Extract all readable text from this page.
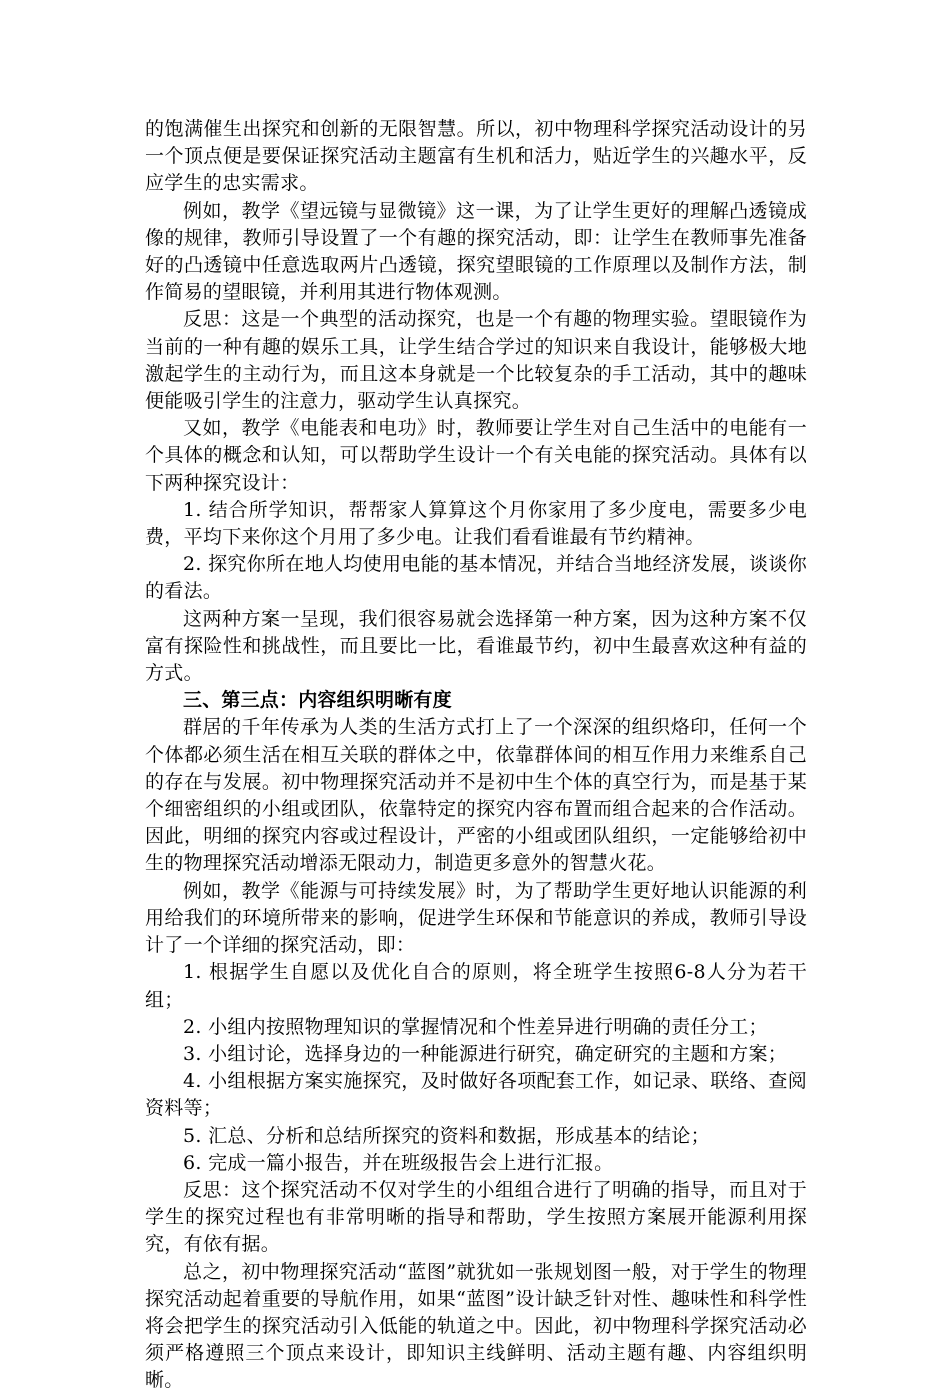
的饱满催生出探究和创新的无限智慧。所以，初中物理科学探究活动设计的另一个顶点便是要保证探究活动主题富有生机和活力，贴近学生的兴趣水平，反应学生的忠实需求。

例如，教学《望远镜与显微镜》这一课，为了让学生更好的理解凸透镜成像的规律，教师引导设置了一个有趣的探究活动，即：让学生在教师事先准备好的凸透镜中任意选取两片凸透镜，探究望眼镜的工作原理以及制作方法，制作简易的望眼镜，并利用其进行物体观测。

反思：这是一个典型的活动探究，也是一个有趣的物理实验。望眼镜作为当前的一种有趣的娱乐工具，让学生结合学过的知识来自我设计，能够极大地激起学生的主动行为，而且这本身就是一个比较复杂的手工活动，其中的趣味便能吸引学生的注意力，驱动学生认真探究。

又如，教学《电能表和电功》时，教师要让学生对自己生活中的电能有一个具体的概念和认知，可以帮助学生设计一个有关电能的探究活动。具体有以下两种探究设计：

1. 结合所学知识，帮帮家人算算这个月你家用了多少度电，需要多少电费，平均下来你这个月用了多少电。让我们看看谁最有节约精神。

2. 探究你所在地人均使用电能的基本情况，并结合当地经济发展，谈谈你的看法。

这两种方案一呈现，我们很容易就会选择第一种方案，因为这种方案不仅富有探险性和挑战性，而且要比一比，看谁最节约，初中生最喜欢这种有益的方式。

三、第三点：内容组织明晰有度

群居的千年传承为人类的生活方式打上了一个深深的组织烙印，任何一个个体都必须生活在相互关联的群体之中，依靠群体间的相互作用力来维系自己的存在与发展。初中物理探究活动并不是初中生个体的真空行为，而是基于某个细密组织的小组或团队，依靠特定的探究内容布置而组合起来的合作活动。因此，明细的探究内容或过程设计，严密的小组或团队组织，一定能够给初中生的物理探究活动增添无限动力，制造更多意外的智慧火花。

例如，教学《能源与可持续发展》时，为了帮助学生更好地认识能源的利用给我们的环境所带来的影响，促进学生环保和节能意识的养成，教师引导设计了一个详细的探究活动，即：

1. 根据学生自愿以及优化自合的原则，将全班学生按照6-8人分为若干组；

2. 小组内按照物理知识的掌握情况和个性差异进行明确的责任分工；

3. 小组讨论，选择身边的一种能源进行研究，确定研究的主题和方案；

4. 小组根据方案实施探究，及时做好各项配套工作，如记录、联络、查阅资料等；

5. 汇总、分析和总结所探究的资料和数据，形成基本的结论；

6. 完成一篇小报告，并在班级报告会上进行汇报。

反思：这个探究活动不仅对学生的小组组合进行了明确的指导，而且对于学生的探究过程也有非常明晰的指导和帮助，学生按照方案展开能源利用探究，有依有据。

总之，初中物理探究活动“蓝图”就犹如一张规划图一般，对于学生的物理探究活动起着重要的导航作用，如果“蓝图”设计缺乏针对性、趣味性和科学性将会把学生的探究活动引入低能的轨道之中。因此，初中物理科学探究活动必须严格遵照三个顶点来设计，即知识主线鲜明、活动主题有趣、内容组织明晰。
